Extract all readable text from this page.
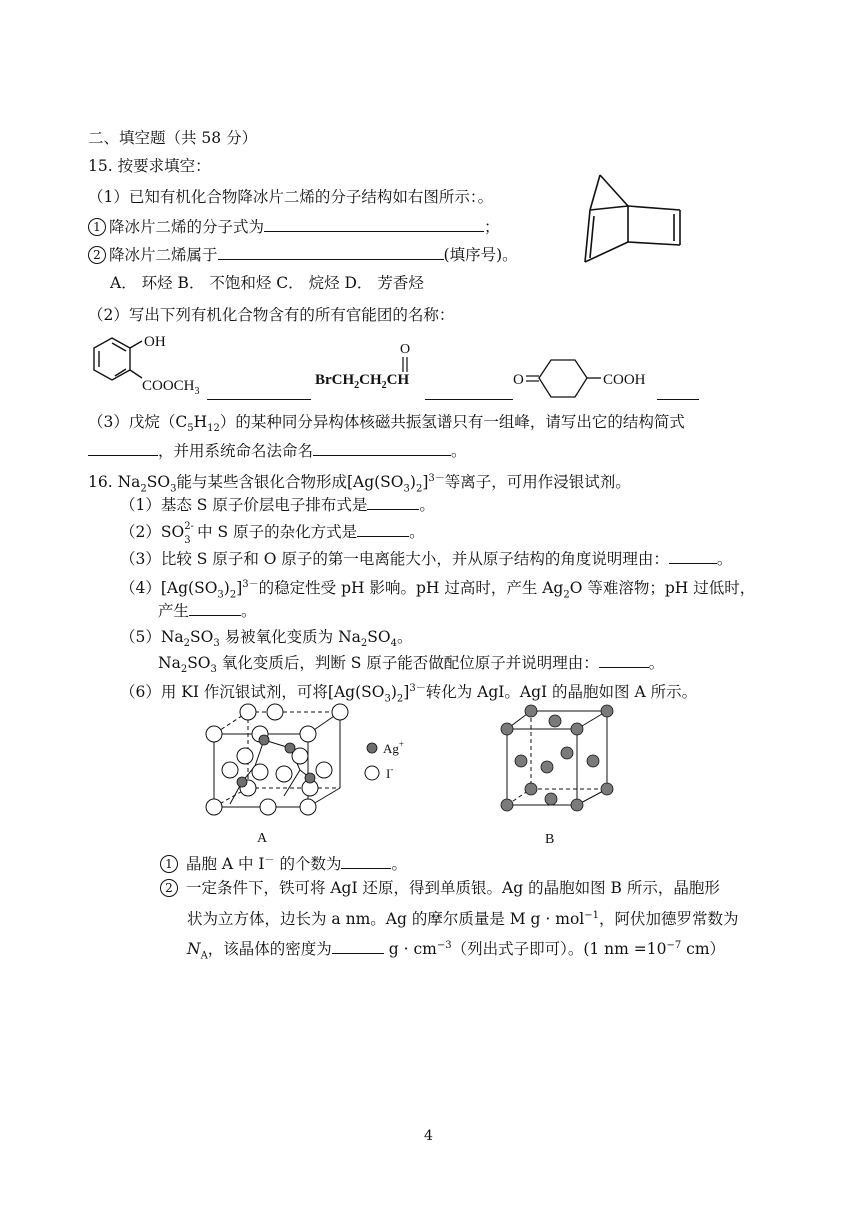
二、填空题（共 58 分）
15. 按要求填空：
（1）已知有机化合物降冰片二烯的分子结构如右图所示：。
1 降冰片二烯的分子式为	；
2 降冰片二烯属于	(填序号)。
A． 环烃 B． 不饱和烃 C． 烷烃 D． 芳香烃
（2）写出下列有机化合物含有的所有官能团的名称：
OH
$COOCH_3$
O
$BrCH_2CH_2CH$	O	COOH
（3）戊烷$(C_5H_{12})$的某种同分异构体核磁共振氢谱只有一组峰，请写出它的结构简式
，并用系统命名法命名	。
16. $Na_2SO_3$能与某些含银化合物形成$[Ag(SO_3)_2]^{3-}$等离子，可用作浸银试剂。
（1）基态 S 原子价层电子排布式是	。
（2）SO 2-
3 中 S 原子的杂化方式是	。
（3）比较 S 原子和 O 原子的第一电离能大小，并从原子结构的角度说明理由：	。
$(4)[Ag(SO_3)_2]^{3-}$的稳定性受 pH 影响。pH 过高时，产生 $Ag_2O$ 等难溶物；pH 过低时，
产生	。
$(5)Na_2SO_3$ 易被氧化变质为 $Na_2SO_4$。
$Na_2SO_3$ 氧化变质后，判断 S 原子能否做配位原子并说明理由：	。
（6）用 KI 作沉银试剂，可将$[Ag(SO_3)_2]^{3-}$转化为 AgI。AgI 的晶胞如图 A 所示。
Ag+
I-
A	B
1 晶胞 A 中 I－ 的个数为	。
2 一定条件下，铁可将 AgI 还原，得到单质银。Ag 的晶胞如图 B 所示，晶胞形
状为立方体，边长为 a nm。Ag 的摩尔质量是 M g · mol$^{-1}$，阿伏加德罗常数为
$N_A$，该晶体的密度为	$g \cdot cm^{-3}$（列出式子即可）。(1 nm $=10^{-7}$ cm）
4
